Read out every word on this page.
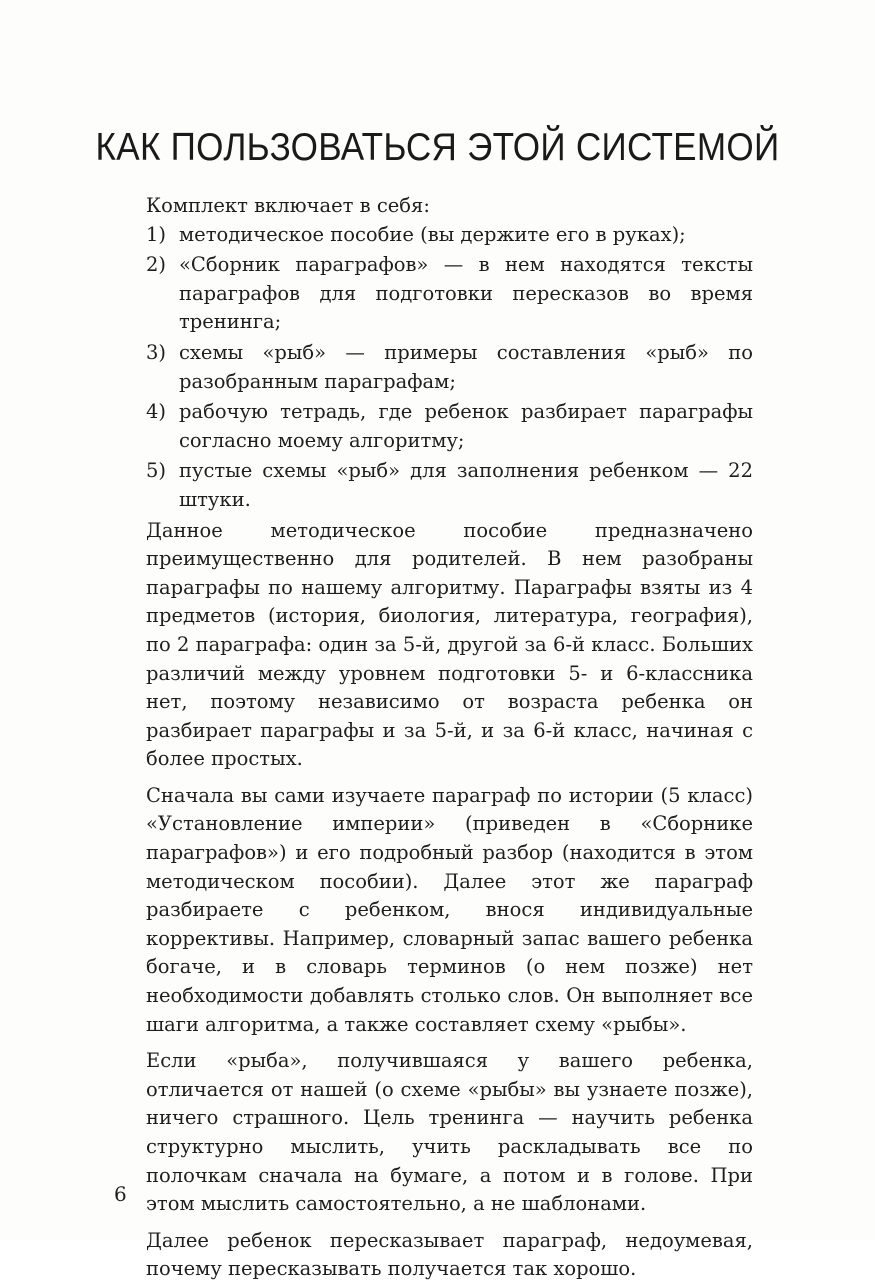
КАК ПОЛЬЗОВАТЬСЯ ЭТОЙ СИСТЕМОЙ

Комплект включает в себя:

1) методическое пособие (вы держите его в руках);
2) «Сборник параграфов» — в нем находятся тексты параграфов для подготовки пересказов во время тренинга;
3) схемы «рыб» — примеры составления «рыб» по разобранным параграфам;
4) рабочую тетрадь, где ребенок разбирает параграфы согласно моему алгоритму;
5) пустые схемы «рыб» для заполнения ребенком — 22 штуки.

Данное методическое пособие предназначено преимущественно для родителей. В нем разобраны параграфы по нашему алгоритму. Параграфы взяты из 4 предметов (история, биология, литература, география), по 2 параграфа: один за 5-й, другой за 6-й класс. Больших различий между уровнем подготовки 5- и 6-классника нет, поэтому независимо от возраста ребенка он разбирает параграфы и за 5-й, и за 6-й класс, начиная с более простых.

Сначала вы сами изучаете параграф по истории (5 класс) «Установление империи» (приведен в «Сборнике параграфов») и его подробный разбор (находится в этом методическом пособии). Далее этот же параграф разбираете с ребенком, внося индивидуальные коррективы. Например, словарный запас вашего ребенка богаче, и в словарь терминов (о нем позже) нет необходимости добавлять столько слов. Он выполняет все шаги алгоритма, а также составляет схему «рыбы».

Если «рыба», получившаяся у вашего ребенка, отличается от нашей (о схеме «рыбы» вы узнаете позже), ничего страшного. Цель тренинга — научить ребенка структурно мыслить, учить раскладывать все по полочкам сначала на бумаге, а потом и в голове. При этом мыслить самостоятельно, а не шаблонами.

Далее ребенок пересказывает параграф, недоумевая, почему пересказывать получается так хорошо.

6
